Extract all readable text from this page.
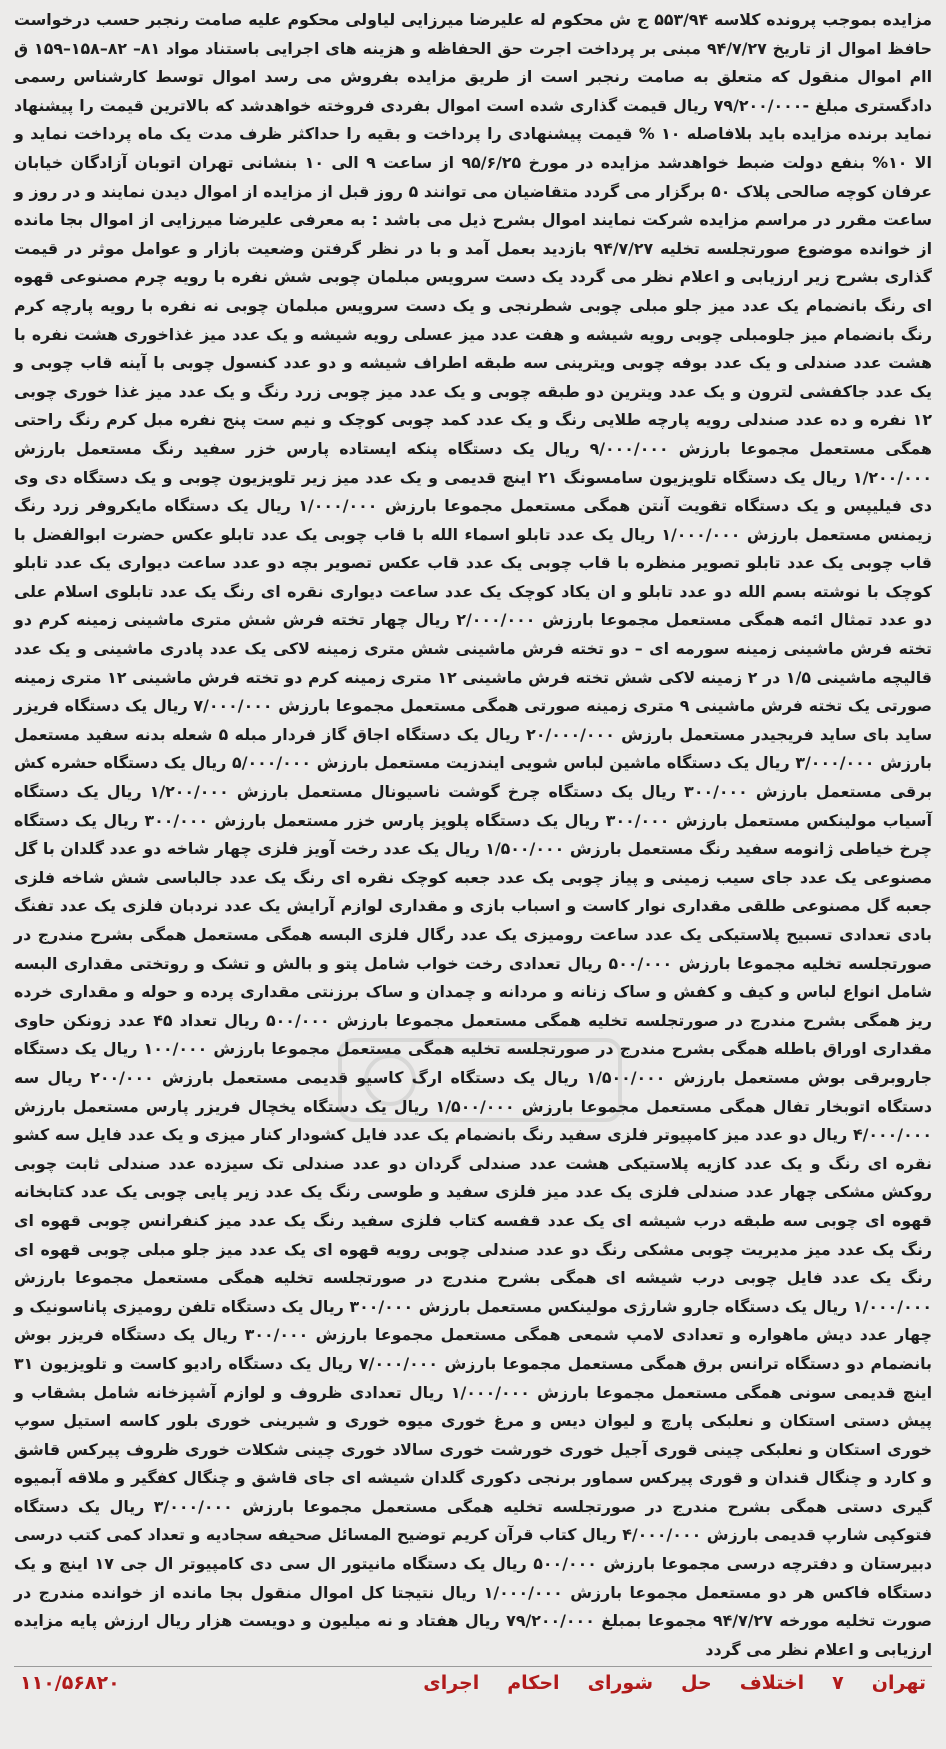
مزایده بموجب پرونده کلاسه ۵۵۳/۹۴ ج ش محکوم له علیرضا میرزایی لیاولی محکوم علیه صامت رنجبر حسب درخواست حافظ اموال از تاریخ ۹۴/۷/۲۷ مبنی بر پرداخت اجرت حق الحفاظه و هزینه های اجرایی باستناد مواد ۸۱– ۸۲–۱۵۸–۱۵۹ ق اام اموال منقول که متعلق به صامت رنجبر است از طریق مزایده بفروش می رسد اموال توسط کارشناس رسمی دادگستری مبلغ -۷۹/۲۰۰/۰۰۰ ریال قیمت گذاری شده است اموال بفردی فروخته خواهدشد که بالاترین قیمت را پیشنهاد نماید برنده مزایده باید بلافاصله ۱۰ % قیمت پیشنهادی را پرداخت و بقیه را حداکثر ظرف مدت یک ماه پرداخت نماید و الا ۱۰% بنفع دولت ضبط خواهدشد مزایده در مورخ ۹۵/۶/۲۵ از ساعت ۹ الی ۱۰ بنشانی تهران اتوبان آزادگان خیابان عرفان کوچه صالحی پلاک ۵۰ برگزار می گردد متقاضیان می توانند ۵ روز قبل از مزایده از اموال دیدن نمایند و در روز و ساعت مقرر در مراسم مزایده شرکت نمایند اموال بشرح ذیل می باشد : به معرفی علیرضا میرزایی از اموال بجا مانده از خوانده موضوع صورتجلسه تخلیه ۹۴/۷/۲۷ بازدید بعمل آمد و با در نظر گرفتن وضعیت بازار و عوامل موثر در قیمت گذاری بشرح زیر ارزیابی و اعلام نظر می گردد یک دست سرویس مبلمان چوبی شش نفره با رویه چرم مصنوعی قهوه ای رنگ بانضمام یک عدد میز جلو مبلی چوبی شطرنجی و یک دست سرویس مبلمان چوبی نه نفره با رویه پارچه کرم رنگ بانضمام میز جلومبلی چوبی رویه شیشه و هفت عدد میز عسلی رویه شیشه و یک عدد میز غذاخوری هشت نفره با هشت عدد صندلی و یک عدد بوفه چوبی ویترینی سه طبقه اطراف شیشه و دو عدد کنسول چوبی با آینه قاب چوبی و یک عدد جاکفشی لترون و یک عدد ویترین دو طبقه چوبی و یک عدد میز چوبی زرد رنگ و یک عدد میز غذا خوری چوبی ۱۲ نفره و ده عدد صندلی رویه پارچه طلایی رنگ و یک عدد کمد چوبی کوچک و نیم ست پنج نفره مبل کرم رنگ راحتی همگی مستعمل مجموعا بارزش ۹/۰۰۰/۰۰۰ ریال یک دستگاه پنکه ایستاده پارس خزر سفید رنگ مستعمل بارزش ۱/۲۰۰/۰۰۰ ریال یک دستگاه تلویزیون سامسونگ ۲۱ اینچ قدیمی و یک عدد میز زیر تلویزیون چوبی و یک دستگاه دی وی دی فیلیپس و یک دستگاه تقویت آنتن همگی مستعمل مجموعا بارزش ۱/۰۰۰/۰۰۰ ریال یک دستگاه مایکروفر زرد رنگ زیمنس مستعمل بارزش ۱/۰۰۰/۰۰۰ ریال یک عدد تابلو اسماء الله با قاب چوبی یک عدد تابلو عکس حضرت ابوالفضل با قاب چوبی یک عدد تابلو تصویر منظره با قاب چوبی یک عدد قاب عکس تصویر بچه دو عدد ساعت دیواری یک عدد تابلو کوچک با نوشته بسم الله دو عدد تابلو و ان یکاد کوچک یک عدد ساعت دیواری نقره ای رنگ یک عدد تابلوی اسلام علی دو عدد تمثال ائمه همگی مستعمل مجموعا بارزش ۲/۰۰۰/۰۰۰ ریال چهار تخته فرش شش متری ماشینی زمینه کرم دو تخته فرش ماشینی زمینه سورمه ای – دو تخته فرش ماشینی شش متری زمینه لاکی یک عدد پادری ماشینی و یک عدد قالیچه ماشینی ۱/۵ در ۲ زمینه لاکی شش تخته فرش ماشینی ۱۲ متری زمینه کرم دو تخته فرش ماشینی ۱۲ متری زمینه صورتی یک تخته فرش ماشینی ۹ متری زمینه صورتی همگی مستعمل مجموعا بارزش ۷/۰۰۰/۰۰۰ ریال یک دستگاه فریزر ساید بای ساید فریجیدر مستعمل بارزش ۲۰/۰۰۰/۰۰۰ ریال یک دستگاه اجاق گاز فردار مبله ۵ شعله بدنه سفید مستعمل بارزش ۳/۰۰۰/۰۰۰ ریال یک دستگاه ماشین لباس شویی ایندزیت مستعمل بارزش ۵/۰۰۰/۰۰۰ ریال یک دستگاه حشره کش برقی مستعمل بارزش ۳۰۰/۰۰۰ ریال یک دستگاه چرخ گوشت ناسیونال مستعمل بارزش ۱/۲۰۰/۰۰۰ ریال یک دستگاه آسیاب مولینکس مستعمل بارزش ۳۰۰/۰۰۰ ریال یک دستگاه پلوپز پارس خزر مستعمل بارزش ۳۰۰/۰۰۰ ریال یک دستگاه چرخ خیاطی ژانومه سفید رنگ مستعمل بارزش ۱/۵۰۰/۰۰۰ ریال یک عدد رخت آویز فلزی چهار شاخه دو عدد گلدان با گل مصنوعی یک عدد جای سیب زمینی و پیاز چوبی یک عدد جعبه کوچک نقره ای رنگ یک عدد جالباسی شش شاخه فلزی جعبه گل مصنوعی طلقی مقداری نوار کاست و اسباب بازی و مقداری لوازم آرایش یک عدد نردبان فلزی یک عدد تفنگ بادی تعدادی تسبیح پلاستیکی یک عدد ساعت رومیزی یک عدد رگال فلزی البسه همگی مستعمل همگی بشرح مندرج در صورتجلسه تخلیه مجموعا بارزش ۵۰۰/۰۰۰ ریال تعدادی رخت خواب شامل پتو و بالش و تشک و روتختی مقداری البسه شامل انواع لباس و کیف و کفش و ساک زنانه و مردانه و چمدان و ساک برزنتی مقداری پرده و حوله و مقداری خرده ریز همگی بشرح مندرج در صورتجلسه تخلیه همگی مستعمل مجموعا بارزش ۵۰۰/۰۰۰ ریال تعداد ۴۵ عدد زونکن حاوی مقداری اوراق باطله همگی بشرح مندرج در صورتجلسه تخلیه همگی مستعمل مجموعا بارزش ۱۰۰/۰۰۰ ریال یک دستگاه جاروبرقی بوش مستعمل بارزش ۱/۵۰۰/۰۰۰ ریال یک دستگاه ارگ کاسیو قدیمی مستعمل بارزش ۲۰۰/۰۰۰ ریال سه دستگاه اتوبخار تفال همگی مستعمل مجموعا بارزش ۱/۵۰۰/۰۰۰ ریال یک دستگاه یخچال فریزر پارس مستعمل بارزش ۴/۰۰۰/۰۰۰ ریال دو عدد میز کامپیوتر فلزی سفید رنگ بانضمام یک عدد فایل کشودار کنار میزی و یک عدد فایل سه کشو نقره ای رنگ و یک عدد کازیه پلاستیکی هشت عدد صندلی گردان دو عدد صندلی تک سیزده عدد صندلی ثابت چوبی روکش مشکی چهار عدد صندلی فلزی یک عدد میز فلزی سفید و طوسی رنگ یک عدد زیر پایی چوبی یک عدد کتابخانه قهوه ای چوبی سه طبقه درب شیشه ای یک عدد قفسه کتاب فلزی سفید رنگ یک عدد میز کنفرانس چوبی قهوه ای رنگ یک عدد میز مدیریت چوبی مشکی رنگ دو عدد صندلی چوبی رویه قهوه ای یک عدد میز جلو مبلی چوبی قهوه ای رنگ یک عدد فایل چوبی درب شیشه ای همگی بشرح مندرج در صورتجلسه تخلیه همگی مستعمل مجموعا بارزش ۱/۰۰۰/۰۰۰ ریال یک دستگاه جارو شارژی مولینکس مستعمل بارزش ۳۰۰/۰۰۰ ریال یک دستگاه تلفن رومیزی پاناسونیک و چهار عدد دیش ماهواره و تعدادی لامپ شمعی همگی مستعمل مجموعا بارزش ۳۰۰/۰۰۰ ریال یک دستگاه فریزر بوش بانضمام دو دستگاه ترانس برق همگی مستعمل مجموعا بارزش ۷/۰۰۰/۰۰۰ ریال یک دستگاه رادیو کاست و تلویزیون ۳۱ اینچ قدیمی سونی همگی مستعمل مجموعا بارزش ۱/۰۰۰/۰۰۰ ریال تعدادی ظروف و لوازم آشپزخانه شامل بشقاب و پیش دستی استکان و نعلبکی پارچ و لیوان دیس و مرغ خوری میوه خوری و شیرینی خوری بلور کاسه استیل سوپ خوری استکان و نعلبکی چینی قوری آجیل خوری خورشت خوری سالاد خوری چینی شکلات خوری ظروف پیرکس قاشق و کارد و چنگال قندان و قوری پیرکس سماور برنجی دکوری گلدان شیشه ای جای قاشق و چنگال کفگیر و ملاقه آبمیوه گیری دستی همگی بشرح مندرج در صورتجلسه تخلیه همگی مستعمل مجموعا بارزش ۳/۰۰۰/۰۰۰ ریال یک دستگاه فتوکپی شارپ قدیمی بارزش ۴/۰۰۰/۰۰۰ ریال کتاب قرآن کریم توضیح المسائل صحیفه سجادیه و تعداد کمی کتب درسی دبیرستان و دفترچه درسی مجموعا بارزش ۵۰۰/۰۰۰ ریال یک دستگاه مانیتور ال سی دی کامپیوتر ال جی ۱۷ اینچ و یک دستگاه فاکس هر دو مستعمل مجموعا بارزش ۱/۰۰۰/۰۰۰ ریال نتیجتا کل اموال منقول بجا مانده از خوانده مندرج در صورت تخلیه مورخه ۹۴/۷/۲۷ مجموعا بمبلغ ۷۹/۲۰۰/۰۰۰ ریال هفتاد و نه میلیون و دویست هزار ریال ارزش پایه مزایده ارزیابی و اعلام نظر می گردد

تهران
۷
اختلاف
حل
شورای
احکام
اجرای
۱۱۰/۵۶۸۲۰
